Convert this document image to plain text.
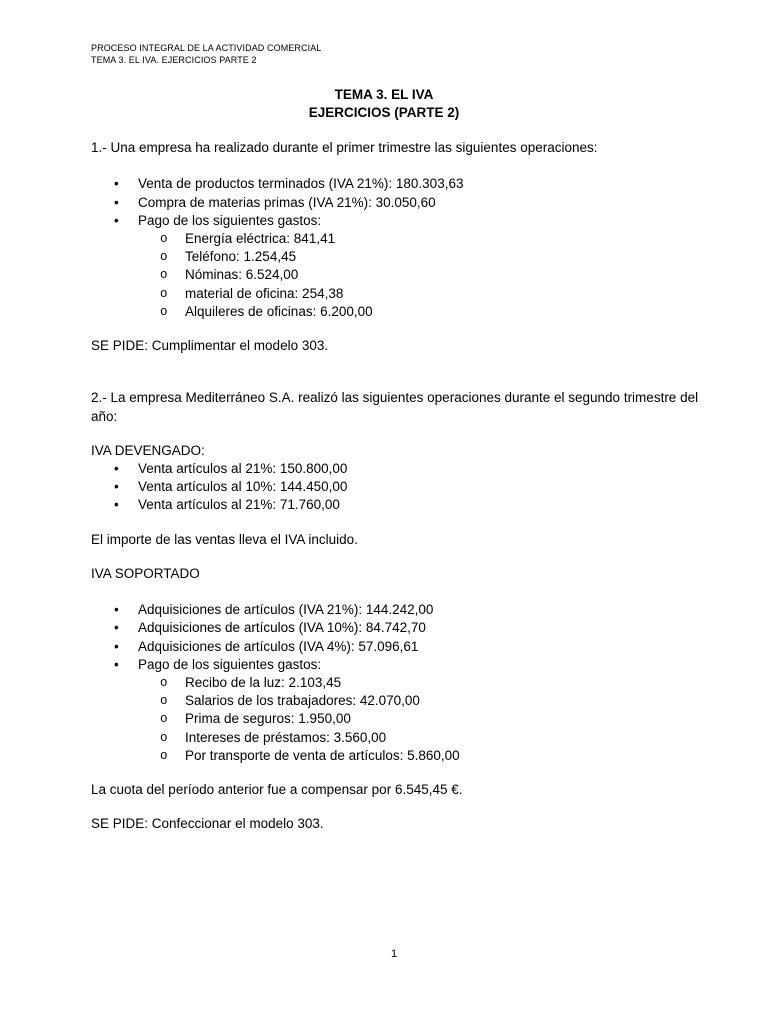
PROCESO INTEGRAL DE LA ACTIVIDAD COMERCIAL
TEMA 3. EL IVA. EJERCICIOS PARTE 2
TEMA 3. EL IVA
EJERCICIOS (PARTE 2)

1.- Una empresa ha realizado durante el primer trimestre las siguientes operaciones:

• Venta de productos terminados (IVA 21%): 180.303,63
• Compra de materias primas (IVA 21%): 30.050,60
• Pago de los siguientes gastos:
o Energía eléctrica: 841,41
o Teléfono: 1.254,45
o Nóminas: 6.524,00
o material de oficina: 254,38
o Alquileres de oficinas: 6.200,00

SE PIDE: Cumplimentar el modelo 303.

2.- La empresa Mediterráneo S.A. realizó las siguientes operaciones durante el segundo trimestre del año:

IVA DEVENGADO:

• Venta artículos al 21%: 150.800,00
• Venta artículos al 10%: 144.450,00
• Venta artículos al 21%: 71.760,00

El importe de las ventas lleva el IVA incluido.

IVA SOPORTADO

• Adquisiciones de artículos (IVA 21%): 144.242,00
• Adquisiciones de artículos (IVA 10%): 84.742,70
• Adquisiciones de artículos (IVA 4%): 57.096,61
• Pago de los siguientes gastos:
o Recibo de la luz: 2.103,45
o Salarios de los trabajadores: 42.070,00
o Prima de seguros: 1.950,00
o Intereses de préstamos: 3.560,00
o Por transporte de venta de artículos: 5.860,00

La cuota del período anterior fue a compensar por 6.545,45 €.

SE PIDE: Confeccionar el modelo 303.

1
